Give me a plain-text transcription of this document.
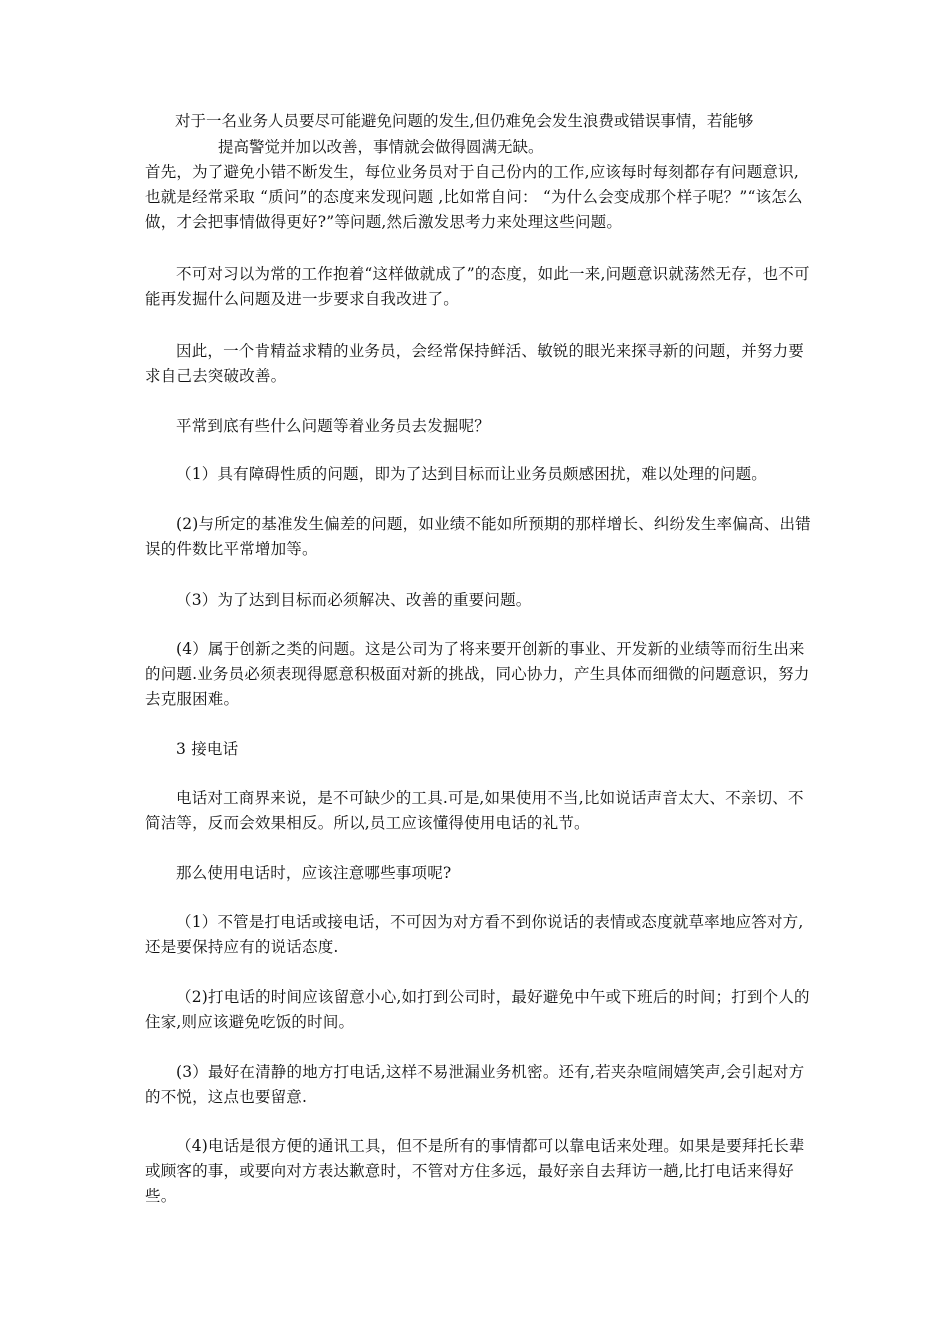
对于一名业务人员要尽可能避免问题的发生,但仍难免会发生浪费或错误事情，若能够
提高警觉并加以改善，事情就会做得圆满无缺。
首先，为了避免小错不断发生，每位业务员对于自己份内的工作,应该每时每刻都存有问题意识,也就是经常采取 “质问”的态度来发现问题 ,比如常自问： “为什么会变成那个样子呢？”“该怎么做，才会把事情做得更好?”等问题,然后激发思考力来处理这些问题。
不可对习以为常的工作抱着“这样做就成了”的态度，如此一来,问题意识就荡然无存，也不可能再发掘什么问题及进一步要求自我改进了。
因此，一个肯精益求精的业务员，会经常保持鲜活、敏锐的眼光来探寻新的问题，并努力要求自己去突破改善。
平常到底有些什么问题等着业务员去发掘呢？
（1）具有障碍性质的问题，即为了达到目标而让业务员颇感困扰，难以处理的问题。
(2)与所定的基准发生偏差的问题，如业绩不能如所预期的那样增长、纠纷发生率偏高、出错误的件数比平常增加等。
（3）为了达到目标而必须解决、改善的重要问题。
(4）属于创新之类的问题。这是公司为了将来要开创新的事业、开发新的业绩等而衍生出来的问题.业务员必须表现得愿意积极面对新的挑战，同心协力，产生具体而细微的问题意识，努力去克服困难。
3 接电话
电话对工商界来说，是不可缺少的工具.可是,如果使用不当,比如说话声音太大、不亲切、不简洁等，反而会效果相反。所以,员工应该懂得使用电话的礼节。
那么使用电话时，应该注意哪些事项呢?
（1）不管是打电话或接电话，不可因为对方看不到你说话的表情或态度就草率地应答对方,还是要保持应有的说话态度.
（2)打电话的时间应该留意小心,如打到公司时，最好避免中午或下班后的时间；打到个人的住家,则应该避免吃饭的时间。
(3）最好在清静的地方打电话,这样不易泄漏业务机密。还有,若夹杂喧闹嬉笑声,会引起对方的不悦，这点也要留意.
（4)电话是很方便的通讯工具，但不是所有的事情都可以靠电话来处理。如果是要拜托长辈或顾客的事，或要向对方表达歉意时，不管对方住多远，最好亲自去拜访一趟,比打电话来得好些。
